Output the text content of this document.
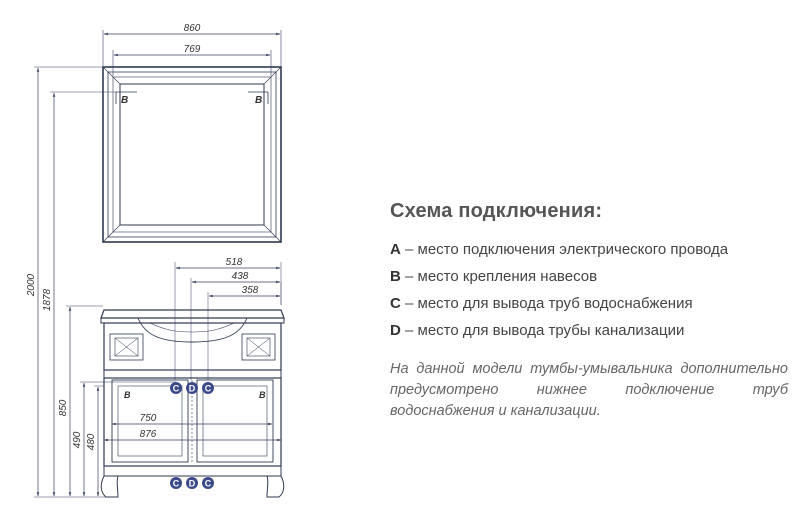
B	B
860
769
2000
1878
850
490 480
518
438
358
B	B
750
876
C D C
C D C
Схема подключения:
A – место подключения электрического провода
B – место крепления навесов
C – место для вывода труб водоснабжения
D – место для вывода трубы канализации
На данной модели тумбы-умывальника дополнительно предусмотрено нижнее подключение труб водоснабжения и канализации.
